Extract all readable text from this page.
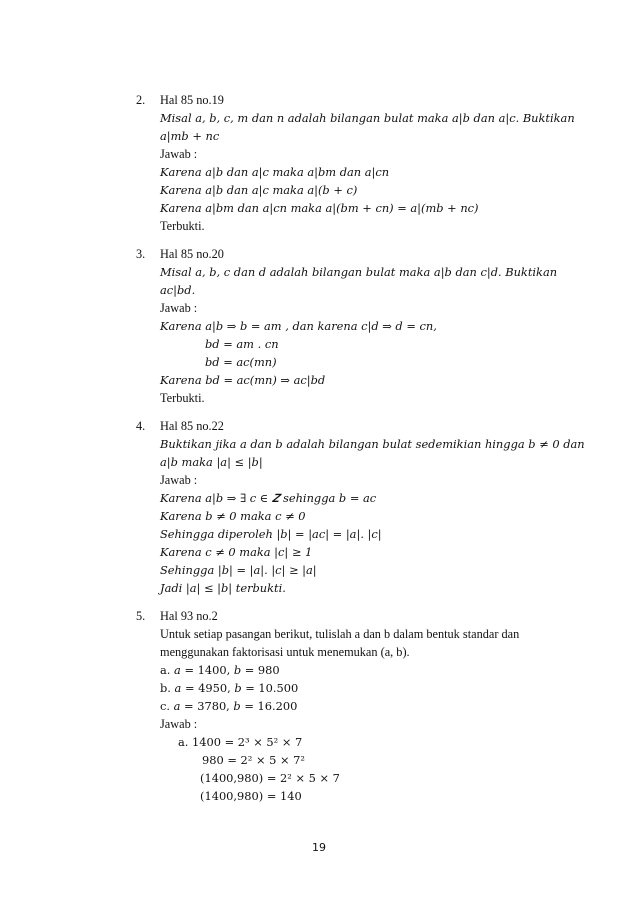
2. Hal 85 no.19
Misal 𝑎, 𝑏, 𝑐, 𝑚 dan 𝑛 adalah bilangan bulat maka 𝑎|𝑏 dan 𝑎|𝑐. Buktikan
𝑎|𝑚𝑏 + 𝑛𝑐
Jawab :
Karena 𝑎|𝑏 dan 𝑎|𝑐 maka 𝑎|𝑏𝑚 dan 𝑎|𝑐𝑛
Karena 𝑎|𝑏 dan 𝑎|𝑐 maka 𝑎|(𝑏 + 𝑐)
Karena 𝑎|𝑏𝑚 dan 𝑎|𝑐𝑛 maka 𝑎|(𝑏𝑚 + 𝑐𝑛) = 𝑎|(𝑚𝑏 + 𝑛𝑐)
Terbukti.
3. Hal 85 no.20
Misal 𝑎, 𝑏, 𝑐 dan 𝑑 adalah bilangan bulat maka 𝑎|𝑏 dan 𝑐|𝑑. Buktikan
𝑎𝑐|𝑏𝑑.
Jawab :
Karena 𝑎|𝑏 ⇒ 𝑏 = 𝑎𝑚 , dan karena 𝑐|𝑑 ⇒ 𝑑 = 𝑐𝑛,
𝑏𝑑 = 𝑎𝑚 . 𝑐𝑛
𝑏𝑑 = 𝑎𝑐(𝑚𝑛)
Karena 𝑏𝑑 = 𝑎𝑐(𝑚𝑛) ⇒ 𝑎𝑐|𝑏𝑑
Terbukti.
4. Hal 85 no.22
Buktikan jika 𝑎 dan 𝑏 adalah bilangan bulat sedemikian hingga 𝑏 ≠ 0 dan
𝑎|𝑏 maka |𝑎| ≤ |𝑏|
Jawab :
Karena 𝑎|𝑏 ⇒ ∃ 𝑐 ∈ 𝒁 sehingga 𝑏 = 𝑎𝑐
Karena 𝑏 ≠ 0 maka 𝑐 ≠ 0
Sehingga diperoleh |𝑏| = |𝑎𝑐| = |𝑎|. |𝑐|
Karena c ≠ 0 maka |𝑐| ≥ 1
Sehingga |𝑏| = |𝑎|. |𝑐| ≥ |𝑎|
Jadi |𝑎| ≤ |𝑏| terbukti.
5. Hal 93 no.2
Untuk setiap pasangan berikut, tulislah a dan b dalam bentuk standar dan
menggunakan faktorisasi untuk menemukan (a, b).
a. 𝑎 = 1400, 𝑏 = 980
b. 𝑎 = 4950, 𝑏 = 10.500
c. 𝑎 = 3780, 𝑏 = 16.200
Jawab :
a. 1400 = 2³ × 5² × 7
980 = 2² × 5 × 7²
(1400,980) = 2² × 5 × 7
(1400,980) = 140
19
